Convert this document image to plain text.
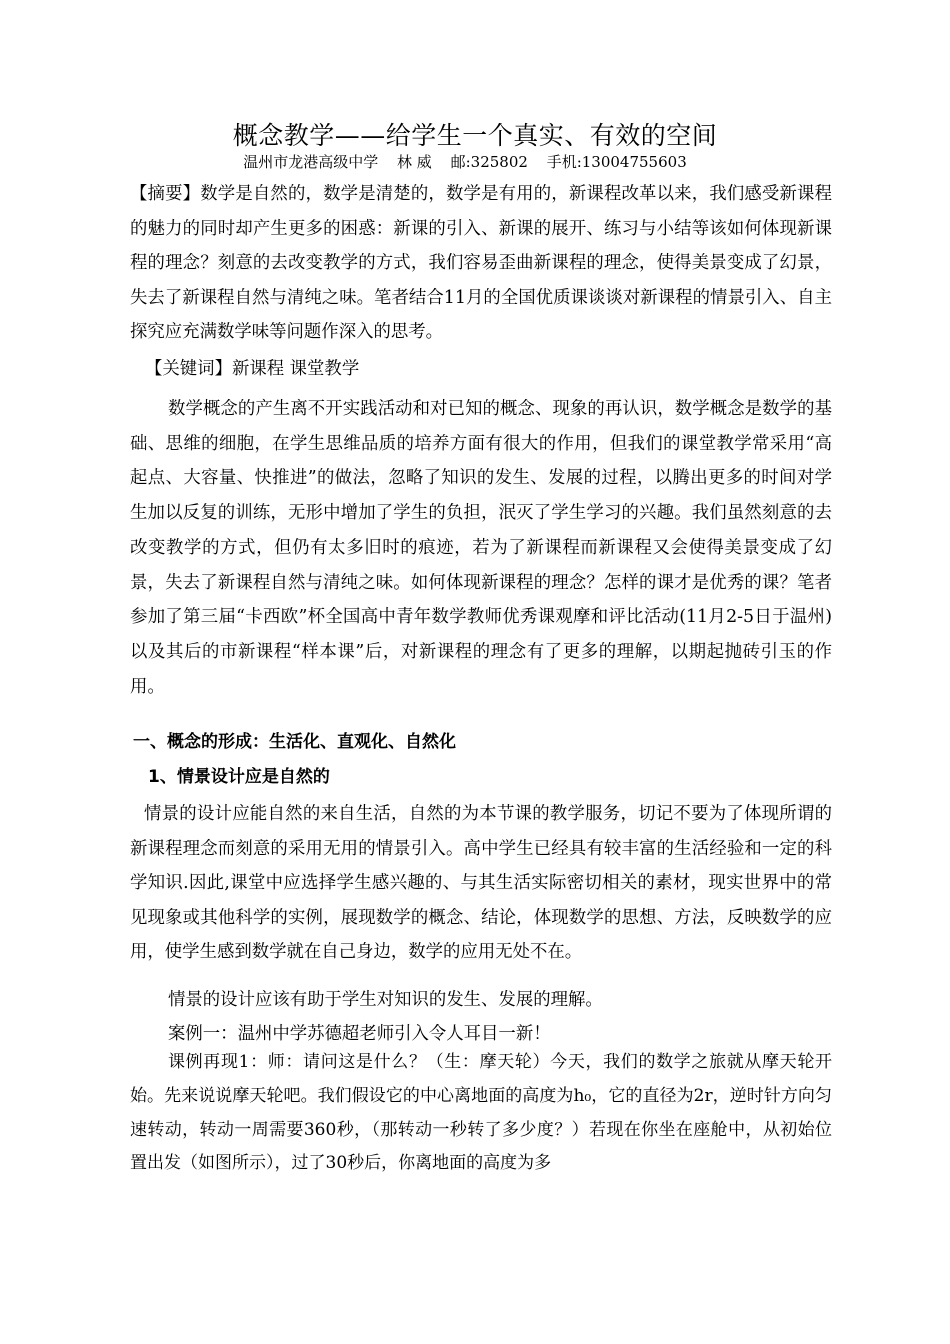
概念教学——给学生一个真实、有效的空间
温州市龙港高级中学 林 威 邮:325802 手机:13004755603
【摘要】数学是自然的，数学是清楚的，数学是有用的，新课程改革以来，我们感受新课程的魅力的同时却产生更多的困惑：新课的引入、新课的展开、练习与小结等该如何体现新课程的理念？刻意的去改变教学的方式，我们容易歪曲新课程的理念，使得美景变成了幻景，失去了新课程自然与清纯之味。笔者结合11月的全国优质课谈谈对新课程的情景引入、自主探究应充满数学味等问题作深入的思考。
【关键词】新课程 课堂教学
数学概念的产生离不开实践活动和对已知的概念、现象的再认识，数学概念是数学的基础、思维的细胞，在学生思维品质的培养方面有很大的作用，但我们的课堂教学常采用“高起点、大容量、快推进”的做法，忽略了知识的发生、发展的过程，以腾出更多的时间对学生加以反复的训练，无形中增加了学生的负担，泯灭了学生学习的兴趣。我们虽然刻意的去改变教学的方式，但仍有太多旧时的痕迹，若为了新课程而新课程又会使得美景变成了幻景，失去了新课程自然与清纯之味。如何体现新课程的理念？怎样的课才是优秀的课？笔者参加了第三届“卡西欧”杯全国高中青年数学教师优秀课观摩和评比活动(11月2-5日于温州)以及其后的市新课程“样本课”后，对新课程的理念有了更多的理解，以期起抛砖引玉的作用。
一、概念的形成：生活化、直观化、自然化
1、情景设计应是自然的
情景的设计应能自然的来自生活，自然的为本节课的教学服务，切记不要为了体现所谓的新课程理念而刻意的采用无用的情景引入。高中学生已经具有较丰富的生活经验和一定的科学知识.因此,课堂中应选择学生感兴趣的、与其生活实际密切相关的素材，现实世界中的常见现象或其他科学的实例，展现数学的概念、结论，体现数学的思想、方法，反映数学的应用，使学生感到数学就在自己身边，数学的应用无处不在。
情景的设计应该有助于学生对知识的发生、发展的理解。
案例一：温州中学苏德超老师引入令人耳目一新！
课例再现1：师：请问这是什么？（生：摩天轮）今天，我们的数学之旅就从摩天轮开始。先来说说摩天轮吧。我们假设它的中心离地面的高度为h₀，它的直径为2r，逆时针方向匀速转动，转动一周需要360秒，（那转动一秒转了多少度？）若现在你坐在座舱中，从初始位置出发（如图所示），过了30秒后，你离地面的高度为多
